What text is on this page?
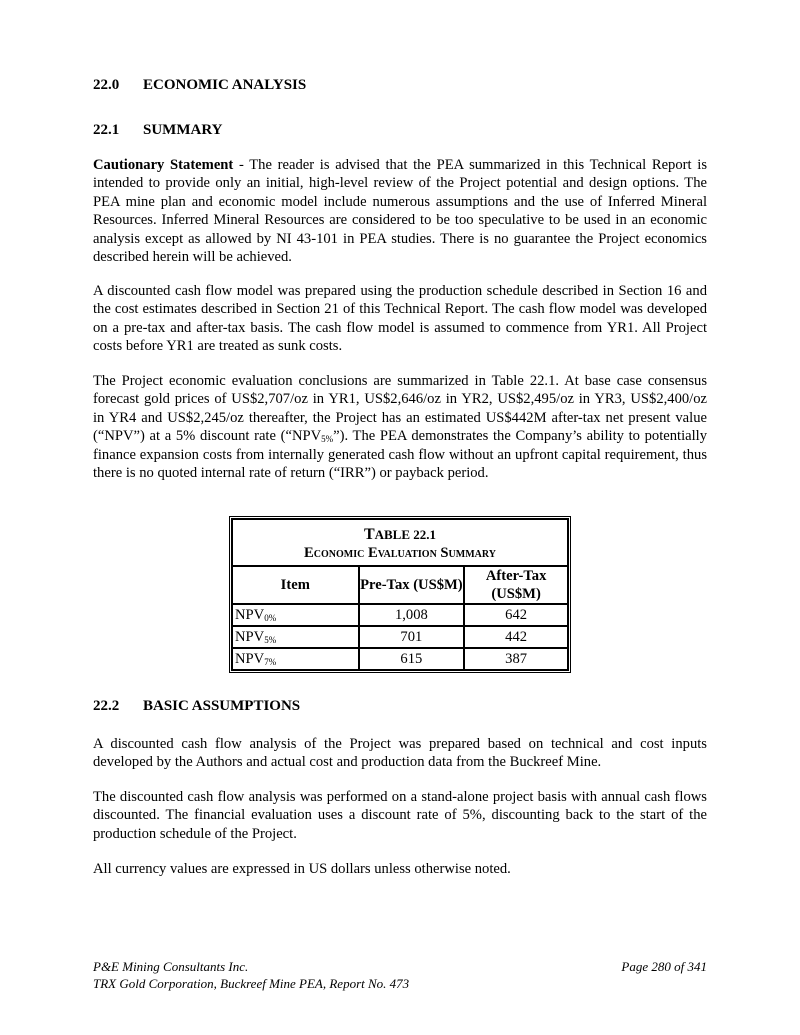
22.0 ECONOMIC ANALYSIS
22.1 SUMMARY
Cautionary Statement - The reader is advised that the PEA summarized in this Technical Report is intended to provide only an initial, high-level review of the Project potential and design options. The PEA mine plan and economic model include numerous assumptions and the use of Inferred Mineral Resources. Inferred Mineral Resources are considered to be too speculative to be used in an economic analysis except as allowed by NI 43-101 in PEA studies. There is no guarantee the Project economics described herein will be achieved.
A discounted cash flow model was prepared using the production schedule described in Section 16 and the cost estimates described in Section 21 of this Technical Report. The cash flow model was developed on a pre-tax and after-tax basis. The cash flow model is assumed to commence from YR1. All Project costs before YR1 are treated as sunk costs.
The Project economic evaluation conclusions are summarized in Table 22.1. At base case consensus forecast gold prices of US$2,707/oz in YR1, US$2,646/oz in YR2, US$2,495/oz in YR3, US$2,400/oz in YR4 and US$2,245/oz thereafter, the Project has an estimated US$442M after-tax net present value (“NPV”) at a 5% discount rate $(“NPV_{5\%}”)$. The PEA demonstrates the Company’s ability to potentially finance expansion costs from internally generated cash flow without an upfront capital requirement, thus there is no quoted internal rate of return (“IRR”) or payback period.
TABLE 22.1
Economic Evaluation Summary		

Item	Pre-Tax (US$M)	After-Tax (US$M)
$NPV_{0\%}$	1,008	642
$NPV_{5\%}$	701	442
$NPV_{7\%}$	615	387
22.2 BASIC ASSUMPTIONS
A discounted cash flow analysis of the Project was prepared based on technical and cost inputs developed by the Authors and actual cost and production data from the Buckreef Mine.
The discounted cash flow analysis was performed on a stand-alone project basis with annual cash flows discounted. The financial evaluation uses a discount rate of 5%, discounting back to the start of the production schedule of the Project.
All currency values are expressed in US dollars unless otherwise noted.
P&E Mining Consultants Inc.
TRX Gold Corporation, Buckreef Mine PEA, Report No. 473
Page 280 of 341
